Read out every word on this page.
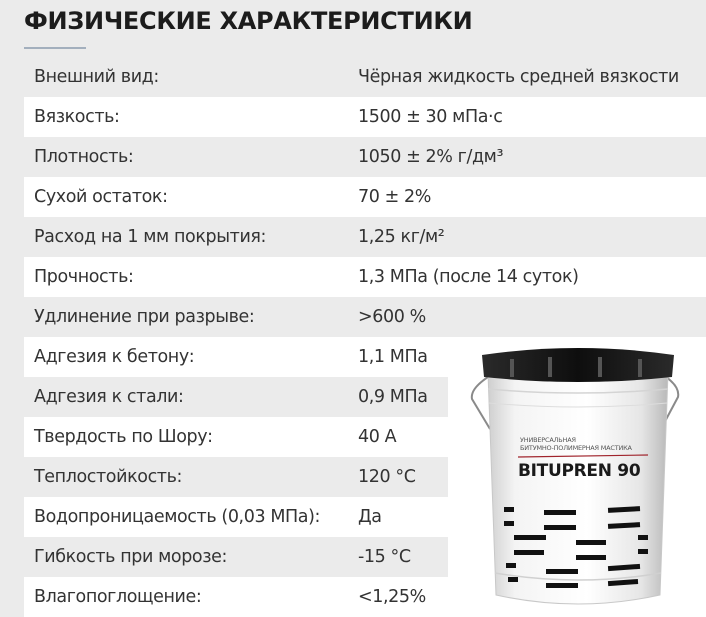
ФИЗИЧЕСКИЕ ХАРАКТЕРИСТИКИ
Внешний вид:	Чёрная жидкость средней вязкости
Вязкость:	1500 ± 30 мПа·с
Плотность:	1050 ± 2% г/дм³
Сухой остаток:	70 ± 2%
Расход на 1 мм покрытия:	1,25 кг/м²
Прочность:	1,3 МПа (после 14 суток)
Удлинение при разрыве:	>600 %
Адгезия к бетону:	1,1 МПа
Адгезия к стали:	0,9 МПа
Твердость по Шору:	40 A
Теплостойкость:	120 °C
Водопроницаемость (0,03 МПа): Да
Гибкость при морозе:	-15 °C
Влагопоглощение:	<1,25%
УНИВЕРСАЛЬНАЯ
БИТУМНО-ПОЛИМЕРНАЯ МАСТИКА
BITUPREN 90
